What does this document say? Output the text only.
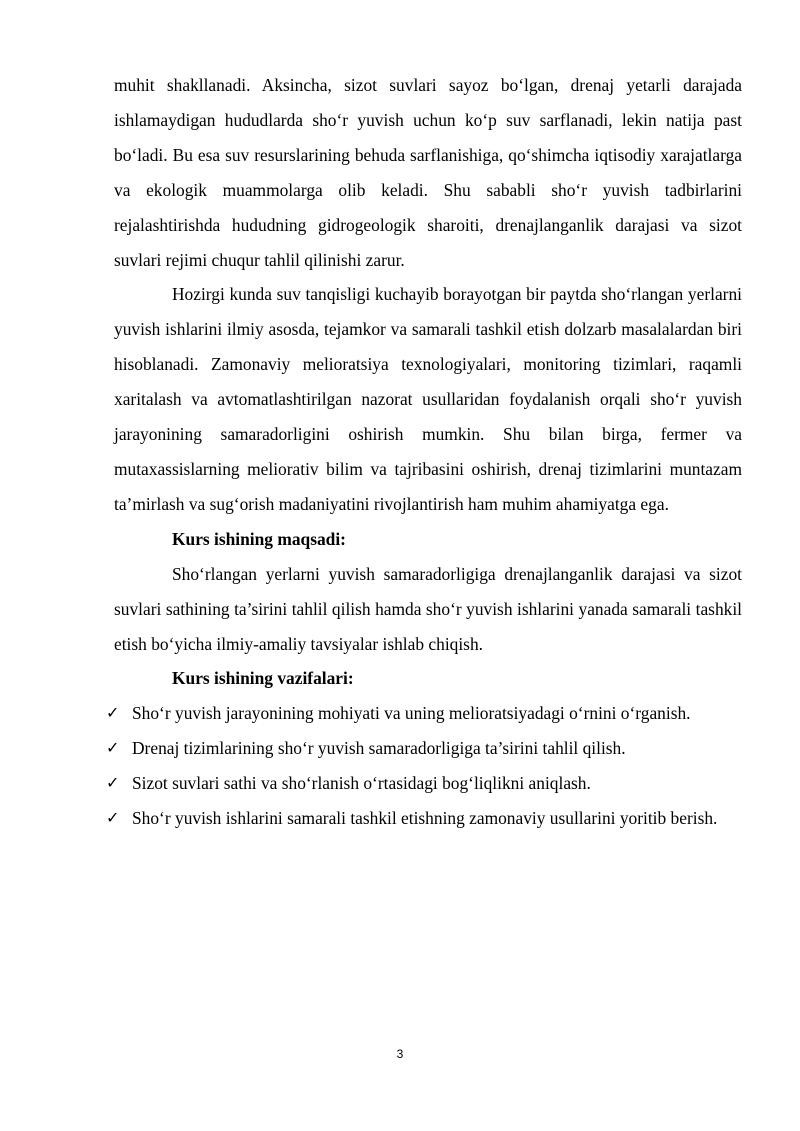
muhit shakllanadi. Aksincha, sizot suvlari sayoz bo‘lgan, drenaj yetarli darajada ishlamaydigan hududlarda sho‘r yuvish uchun ko‘p suv sarflanadi, lekin natija past bo‘ladi. Bu esa suv resurslarining behuda sarflanishiga, qo‘shimcha iqtisodiy xarajatlarga va ekologik muammolarga olib keladi. Shu sababli sho‘r yuvish tadbirlarini rejalashtirishda hududning gidrogeologik sharoiti, drenajlanganlik darajasi va sizot suvlari rejimi chuqur tahlil qilinishi zarur.

Hozirgi kunda suv tanqisligi kuchayib borayotgan bir paytda sho‘rlangan yerlarni yuvish ishlarini ilmiy asosda, tejamkor va samarali tashkil etish dolzarb masalalardan biri hisoblanadi. Zamonaviy melioratsiya texnologiyalari, monitoring tizimlari, raqamli xaritalash va avtomatlashtirilgan nazorat usullaridan foydalanish orqali sho‘r yuvish jarayonining samaradorligini oshirish mumkin. Shu bilan birga, fermer va mutaxassislarning meliorativ bilim va tajribasini oshirish, drenaj tizimlarini muntazam ta’mirlash va sug‘orish madaniyatini rivojlantirish ham muhim ahamiyatga ega.

Kurs ishining maqsadi:

Sho‘rlangan yerlarni yuvish samaradorligiga drenajlanganlik darajasi va sizot suvlari sathining ta’sirini tahlil qilish hamda sho‘r yuvish ishlarini yanada samarali tashkil etish bo‘yicha ilmiy-amaliy tavsiyalar ishlab chiqish.

Kurs ishining vazifalari:

✓ Sho‘r yuvish jarayonining mohiyati va uning melioratsiyadagi o‘rnini o‘rganish.
✓ Drenaj tizimlarining sho‘r yuvish samaradorligiga ta’sirini tahlil qilish.
✓ Sizot suvlari sathi va sho‘rlanish o‘rtasidagi bog‘liqlikni aniqlash.
✓ Sho‘r yuvish ishlarini samarali tashkil etishning zamonaviy usullarini yoritib berish.
3
